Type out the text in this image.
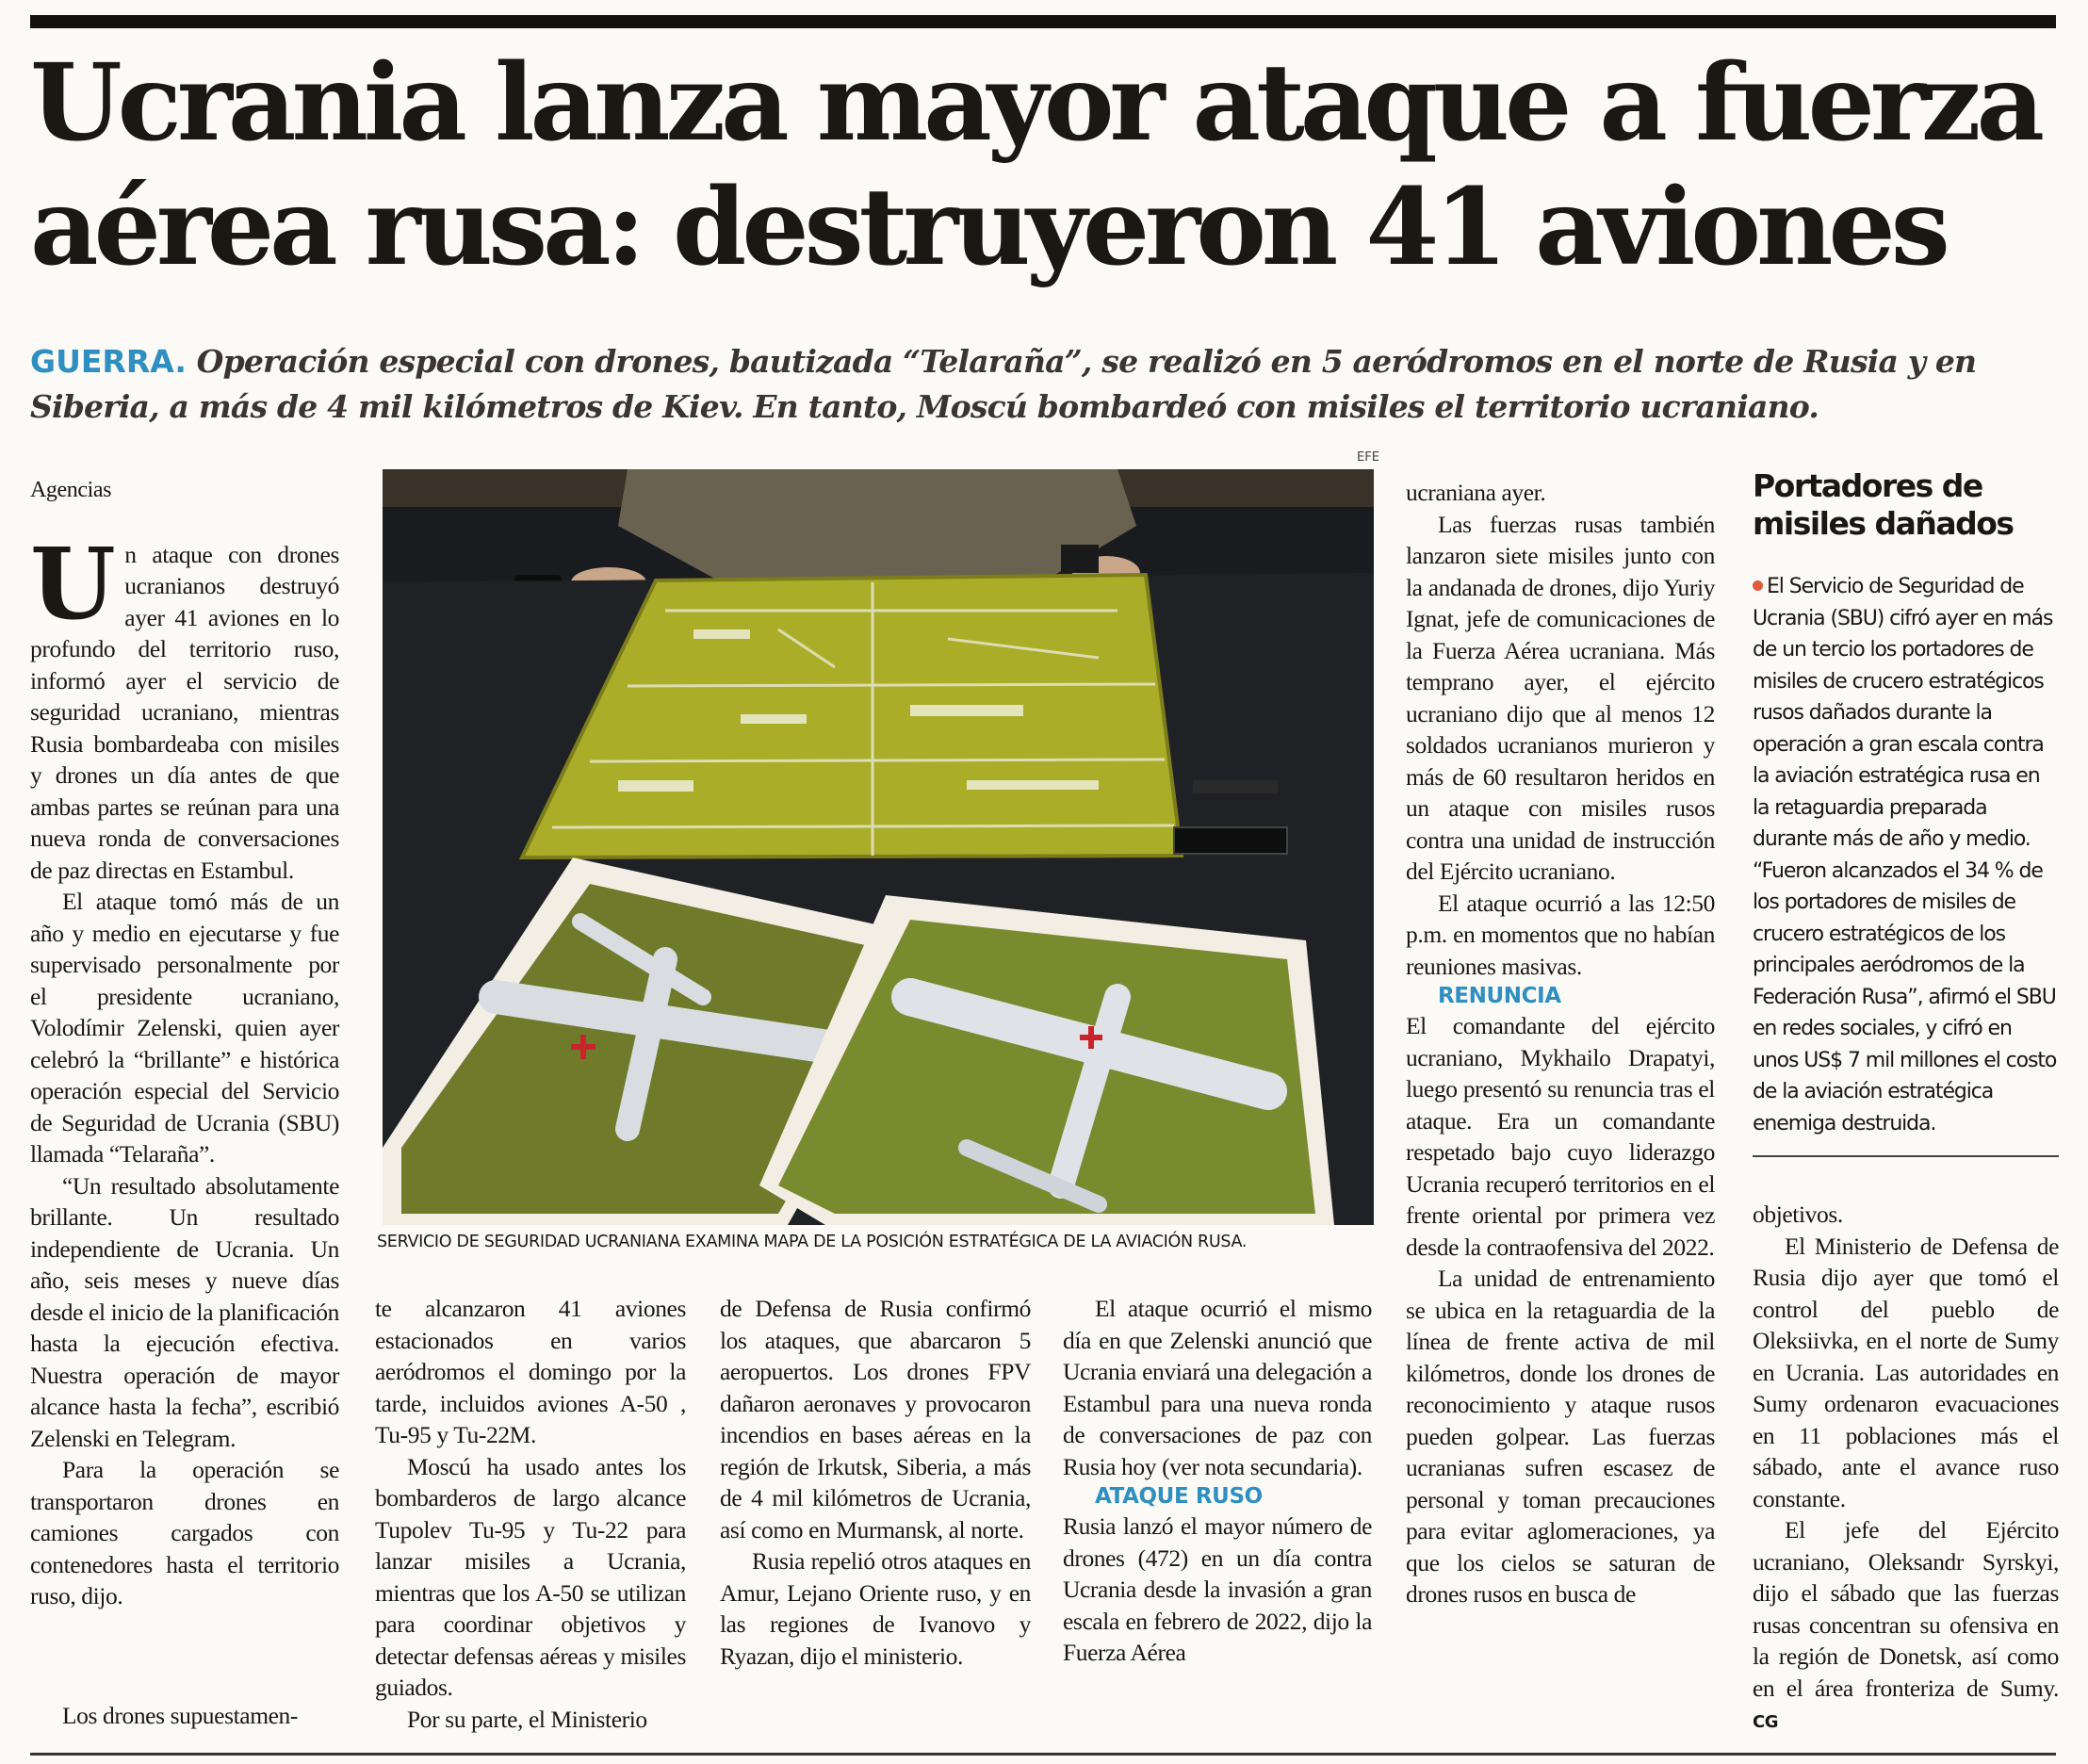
Ucrania lanza mayor ataque a fuerza
aérea rusa: destruyeron 41 aviones
GUERRA. Operación especial con drones, bautizada “Telaraña”, se realizó en 5 aeródromos en el norte de Rusia y en Siberia, a más de 4 mil kilómetros de Kiev. En tanto, Moscú bombardeó con misiles el territorio ucraniano.

Agencias

Un ataque con drones ucranianos destruyó ayer 41 aviones en lo profundo del territorio ruso, informó ayer el servicio de seguridad ucraniano, mientras Rusia bombardeaba con misiles y drones un día antes de que ambas partes se reúnan para una nueva ronda de conversaciones de paz directas en Estambul.

El ataque tomó más de un año y medio en ejecutarse y fue supervisado personalmente por el presidente ucraniano, Volodímir Zelenski, quien ayer celebró la “brillante” e histórica operación especial del Servicio de Seguridad de Ucrania (SBU) llamada “Telaraña”.

“Un resultado absolutamente brillante. Un resultado independiente de Ucrania. Un año, seis meses y nueve días desde el inicio de la planificación hasta la ejecución efectiva. Nuestra operación de mayor alcance hasta la fecha”, escribió Zelenski en Telegram.

Para la operación se transportaron drones en camiones cargados con contenedores hasta el territorio ruso, dijo.

Los drones supuestamen-

te alcanzaron 41 aviones estacionados en varios aeródromos el domingo por la tarde, incluidos aviones A-50 , Tu-95 y Tu-22M.

Moscú ha usado antes los bombarderos de largo alcance Tupolev Tu-95 y Tu-22 para lanzar misiles a Ucrania, mientras que los A-50 se utilizan para coordinar objetivos y detectar defensas aéreas y misiles guiados.

Por su parte, el Ministerio

de Defensa de Rusia confirmó los ataques, que abarcaron 5 aeropuertos. Los drones FPV dañaron aeronaves y provocaron incendios en bases aéreas en la región de Irkutsk, Siberia, a más de 4 mil kilómetros de Ucrania, así como en Murmansk, al norte.

Rusia repelió otros ataques en Amur, Lejano Oriente ruso, y en las regiones de Ivanovo y Ryazan, dijo el ministerio.

El ataque ocurrió el mismo día en que Zelenski anunció que Ucrania enviará una delegación a Estambul para una nueva ronda de conversaciones de paz con Rusia hoy (ver nota secundaria).

ATAQUE RUSO

Rusia lanzó el mayor número de drones (472) en un día contra Ucrania desde la invasión a gran escala en febrero de 2022, dijo la Fuerza Aérea

ucraniana ayer.

Las fuerzas rusas también lanzaron siete misiles junto con la andanada de drones, dijo Yuriy Ignat, jefe de comunicaciones de la Fuerza Aérea ucraniana. Más temprano ayer, el ejército ucraniano dijo que al menos 12 soldados ucranianos murieron y más de 60 resultaron heridos en un ataque con misiles rusos contra una unidad de instrucción del Ejército ucraniano.

El ataque ocurrió a las 12:50 p.m. en momentos que no habían reuniones masivas.

RENUNCIA

El comandante del ejército ucraniano, Mykhailo Drapatyi, luego presentó su renuncia tras el ataque. Era un comandante respetado bajo cuyo liderazgo Ucrania recuperó territorios en el frente oriental por primera vez desde la contraofensiva del 2022.

La unidad de entrenamiento se ubica en la retaguardia de la línea de frente activa de mil kilómetros, donde los drones de reconocimiento y ataque rusos pueden golpear. Las fuerzas ucranianas sufren escasez de personal y toman precauciones para evitar aglomeraciones, ya que los cielos se saturan de drones rusos en busca de

objetivos.

El Ministerio de Defensa de Rusia dijo ayer que tomó el control del pueblo de Oleksiivka, en el norte de Sumy en Ucrania. Las autoridades en Sumy ordenaron evacuaciones en 11 poblaciones más el sábado, ante el avance ruso constante.

El jefe del Ejército ucraniano, Oleksandr Syrskyi, dijo el sábado que las fuerzas rusas concentran su ofensiva en la región de Donetsk, así como en el área fronteriza de Sumy. CG

EFE
SERVICIO DE SEGURIDAD UCRANIANA EXAMINA MAPA DE LA POSICIÓN ESTRATÉGICA DE LA AVIACIÓN RUSA.
Portadores de misiles dañados
El Servicio de Seguridad de Ucrania (SBU) cifró ayer en más de un tercio los portadores de misiles de crucero estratégicos rusos dañados durante la operación a gran escala contra la aviación estratégica rusa en la retaguardia preparada durante más de año y medio. “Fueron alcanzados el 34 % de los portadores de misiles de crucero estratégicos de los principales aeródromos de la Federación Rusa”, afirmó el SBU en redes sociales, y cifró en unos US$ 7 mil millones el costo de la aviación estratégica enemiga destruida.
